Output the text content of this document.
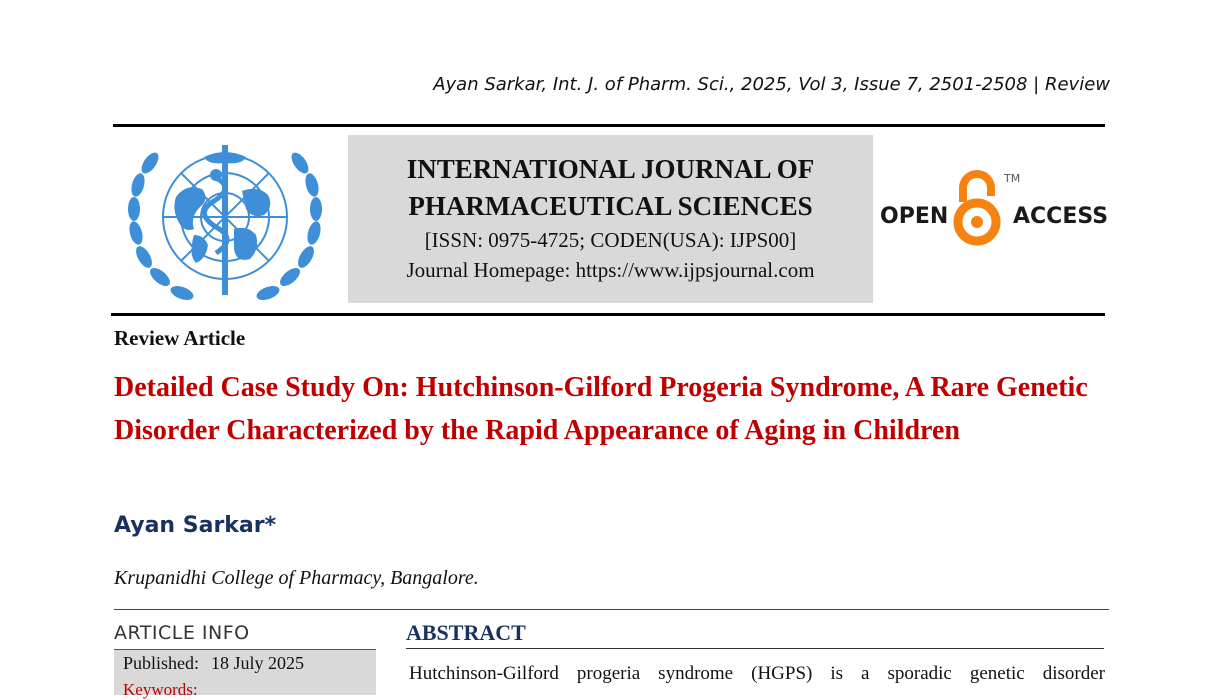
Ayan Sarkar, Int. J. of Pharm. Sci., 2025, Vol 3, Issue 7, 2501-2508 | Review
INTERNATIONAL JOURNAL OF
PHARMACEUTICAL SCIENCES
[ISSN: 0975-4725; CODEN(USA): IJPS00]
Journal Homepage: https://www.ijpsjournal.com
OPEN	ACCESS
TM
Review Article
Detailed Case Study On: Hutchinson-Gilford Progeria Syndrome, A Rare Genetic Disorder Characterized by the Rapid Appearance of Aging in Children
Ayan Sarkar*
Krupanidhi College of Pharmacy, Bangalore.
ARTICLE INFO
Published: 18 July 2025
Keywords:
ABSTRACT
Hutchinson-Gilford progeria syndrome (HGPS) is a sporadic genetic disorder
